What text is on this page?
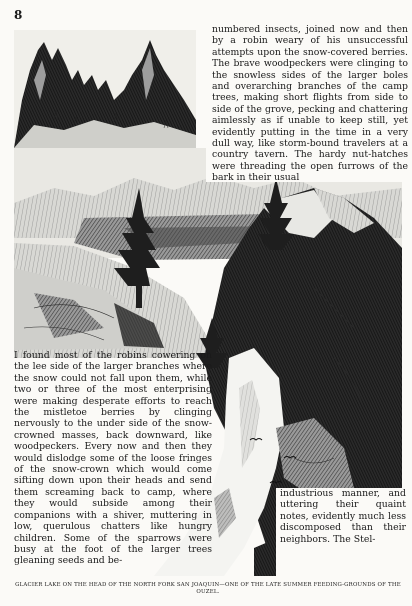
8

numbered insects, joined now and then by a robin weary of his unsuccessful attempts upon the snow-covered berries. The brave woodpeckers were clinging to the snowless sides of the larger boles and overarching branches of the camp trees, making short flights from side to side of the grove, pecking and chattering aimlessly as if unable to keep still, yet evidently putting in the time in a very dull way, like storm-bound travelers at a country tavern. The hardy nut-hatches were threading the open furrows of the bark in their usual

I found most of the robins cowering on the lee side of the larger branches where the snow could not fall upon them, while two or three of the most enterprising were making desperate efforts to reach the mistletoe berries by clinging nervously to the under side of the snow-crowned masses, back downward, like woodpeckers. Every now and then they would dislodge some of the loose fringes of the snow-crown which would come sifting down upon their heads and send them screaming back to camp, where they would subside among their companions with a shiver, muttering in low, querulous chatters like hungry children. Some of the sparrows were busy at the foot of the larger trees gleaning seeds and be-

industrious manner, and uttering their quaint notes, evidently much less discomposed than their neighbors. The Stel-

GLACIER LAKE ON THE HEAD OF THE NORTH FORK SAN JOAQUIN—ONE OF THE LATE SUMMER FEEDING-GROUNDS OF THE OUZEL.
